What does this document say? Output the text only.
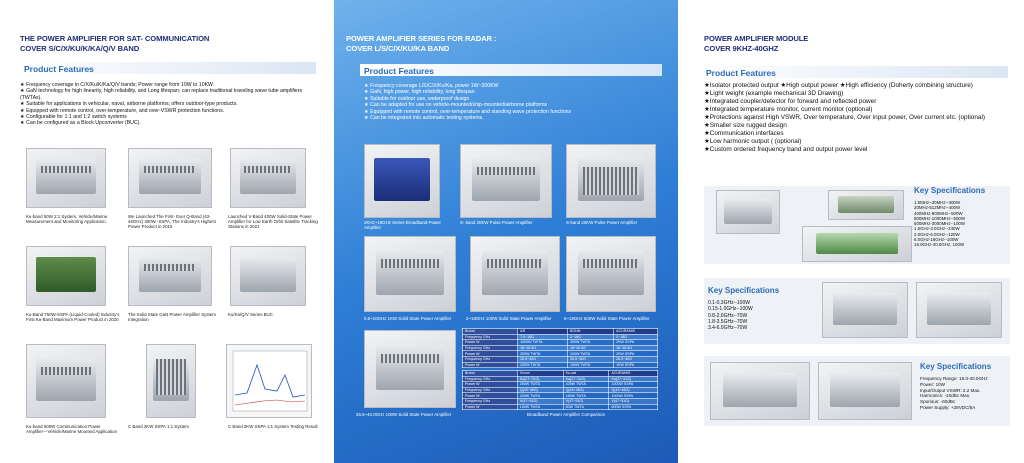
THE POWER AMPLIFIER FOR SAT- COMMUNICATION
COVER S/C/X/KU/K/KA/Q/V BAND
Product Features
★ Frequency coverage in C/X/Ku/K/Ka/Q/V bands; Power range from 10W to 10KW.
★ GaN technology for high linearity, high reliability, and Long lifespan; can replace traditional traveling wave tube amplifiers (TWTAs).
★ Suitable for applications in vehicular, naval, airborne platforms; offers outdoor-type products.
★ Equipped with remote control, over-temperature, and over-VSWR protection functions.
★ Configurable for 1:1 and 1:2 switch systems
★ Can be configured as a Block Upconverter (BUC).
Ku-band 50W 2:1 System, Vehicle/Marine Measurement and Monitoring Application.
We Launched The First- Ever Q-Band (43-46GHz) 300W -SSPA, The Industry's Highest Power Product in 2016
Launched V-Band 400W Solid-State Power Amplifier for Low Earth Orbit Satellite Tracking Stations in 2021
Ku-Band 750W-SSPA (Liquid-Cooled) Industry's First Ka-Band Maximum Power Product in 2020
The Solid State GaN Power Amplifier System Integration
Ku/Ka/Q/V Series BUC
Ku-band 600W Communication Power Amplifier---Vehicle/Marine Mounted Application
C Band 2KW SSPA 1:1 System	C Band 2KW SSPA 1:1 System Testing Result
POWER AMPLIFIER SERIES FOR RADAR :
COVER L/S/C/X/KU/KA BAND
Product Features
★ Frequency coverage L/S/C/X/Ku/Ka, power 1W~200KW
★ GaN, high power, high reliability, long lifespan
★ Suitable for outdoor use, waterproof design
★ Can be adapted for use on vehicle-mounted/ship-mounted/airborne platforms
★ Equipped with remote control, over-temperature and standing wave protection functions
★ Can be integrated into automatic testing systems.
2KHz~18GHz Series Broadband Power Amplifier
S- band 20KW Pulse Power Amplifier	S-band 20KW Pulse Power Amplifier
0.5~10GHz 1KW Solid State Power Amplifier	2~18GHz 100W Solid State Power Amplifier	6~18GHz 500W Solid State Power Amplifier
26.5~40.0GHz 100W Solid State Power Amplifier	Broadband Power Amplifier Comparison
Brand	AR	BONN	ACURAMIS
Frequency GHz	7.5~18G	2~18G	2~18G
Power W	1000W TWTA	300W TWTA	2KW SSPA
Frequency GHz	18~26.5G	18~26.5G	18~26.5G
Power W	200W TWTA	100W TWTA	2KW SSPA
Frequency GHz	26.5~40G	26.5~40G	26.5~40G
Power W	200W TWTA	150W TWTA	1KW SSPA
Brand	Xicom	Ku-sat	ACURAMIS
Frequency GHz	Ka(27~31G)	Ka(27~31G)	Ka(27~31G)
Power W	250W TWTA	425W TWTA	1000W SSPA
Frequency GHz	Q(43~46G)	Q(43~46G)	Q(43~46G)
Power W	200W TWTA	150W TWTA	1000W SSPA
Frequency GHz	V(47~51G)	V(47~51G)	V(47~51G)
Power W	100W TWTA	60W TWTA	600W SSPA
POWER AMPLIFIER MODULE
COVER 9KHZ-40GHZ
Product Features
★Isolator protected output ★High output power ★High efficiency (Doherty combining structure)
★Light weight (example mechanical 3D Drawing)
★Integrated coupler/detector for forward and reflected power
★Integrated temperature monitor, current monitor (optional)
★Protections against High VSWR, Over temperature, Over input power, Over current etc. (optional)
★Smaller size rugged design
★Communication interfaces
★Low harmonic output ( (optional)
★Custom ordered frequency band and output power level
Key Specifications
1.5MHz~30MHz--400W
20MHz-512MHz--400W
400MHz-800MHz--500W
800MHz-1000MHz--500W
500MHz-3000MHz--100W
1.5GHz-3.0GHz--240W
2.0GHz-6.0GHz--120W
6.0GHz-18GHz--100W
18.0GHz-40.0GHz, 100W
Key Specifications
0.1-0.3GHz--100W
0.15-1.0GHz--100W
0.8-2.0GHz--70W
1.8-3.5GHz--70W
3.4-6.0GHz--70W
Key Specifications
Frequency Range: 18.0-40.0GHz
Power: 10W
Input/Output VSWR: 2.2 Max.
Harmonics: -10dBc Max.
Spurious: -60dBc
Power Supply: +28VDC/5A
